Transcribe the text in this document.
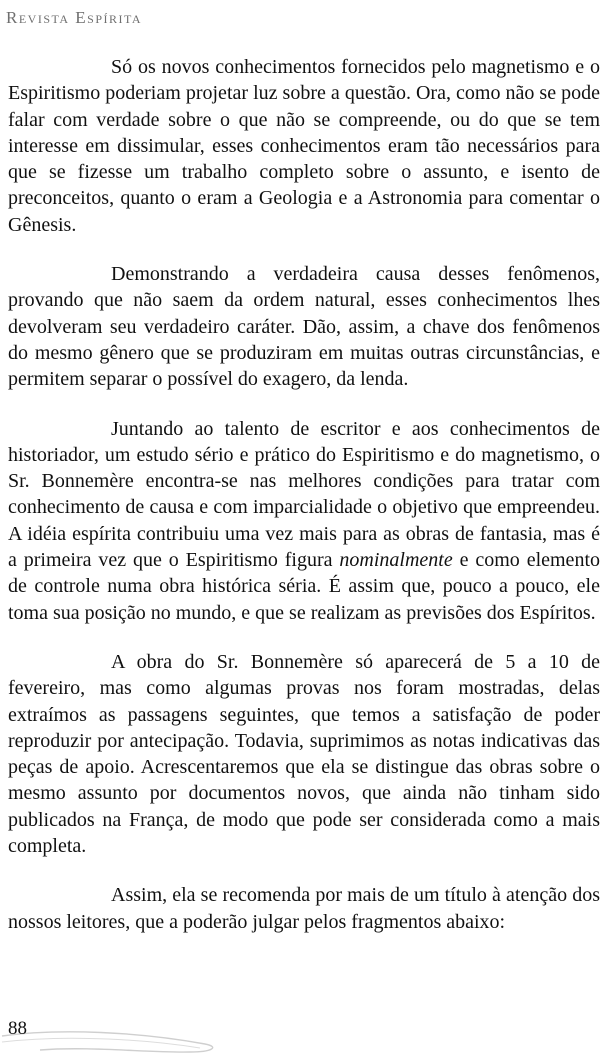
Revista Espírita

Só os novos conhecimentos fornecidos pelo magnetismo e o Espiritismo poderiam projetar luz sobre a questão. Ora, como não se pode falar com verdade sobre o que não se compreende, ou do que se tem interesse em dissimular, esses conhecimentos eram tão necessários para que se fizesse um trabalho completo sobre o assunto, e isento de preconceitos, quanto o eram a Geologia e a Astronomia para comentar o Gênesis.

Demonstrando a verdadeira causa desses fenômenos, provando que não saem da ordem natural, esses conhecimentos lhes devolveram seu verdadeiro caráter. Dão, assim, a chave dos fenômenos do mesmo gênero que se produziram em muitas outras circunstâncias, e permitem separar o possível do exagero, da lenda.

Juntando ao talento de escritor e aos conhecimentos de historiador, um estudo sério e prático do Espiritismo e do magnetismo, o Sr. Bonnemère encontra-se nas melhores condições para tratar com conhecimento de causa e com imparcialidade o objetivo que empreendeu. A idéia espírita contribuiu uma vez mais para as obras de fantasia, mas é a primeira vez que o Espiritismo figura nominalmente e como elemento de controle numa obra histórica séria. É assim que, pouco a pouco, ele toma sua posição no mundo, e que se realizam as previsões dos Espíritos.

A obra do Sr. Bonnemère só aparecerá de 5 a 10 de fevereiro, mas como algumas provas nos foram mostradas, delas extraímos as passagens seguintes, que temos a satisfação de poder reproduzir por antecipação. Todavia, suprimimos as notas indicativas das peças de apoio. Acrescentaremos que ela se distingue das obras sobre o mesmo assunto por documentos novos, que ainda não tinham sido publicados na França, de modo que pode ser considerada como a mais completa.

Assim, ela se recomenda por mais de um título à atenção dos nossos leitores, que a poderão julgar pelos fragmentos abaixo:

88
